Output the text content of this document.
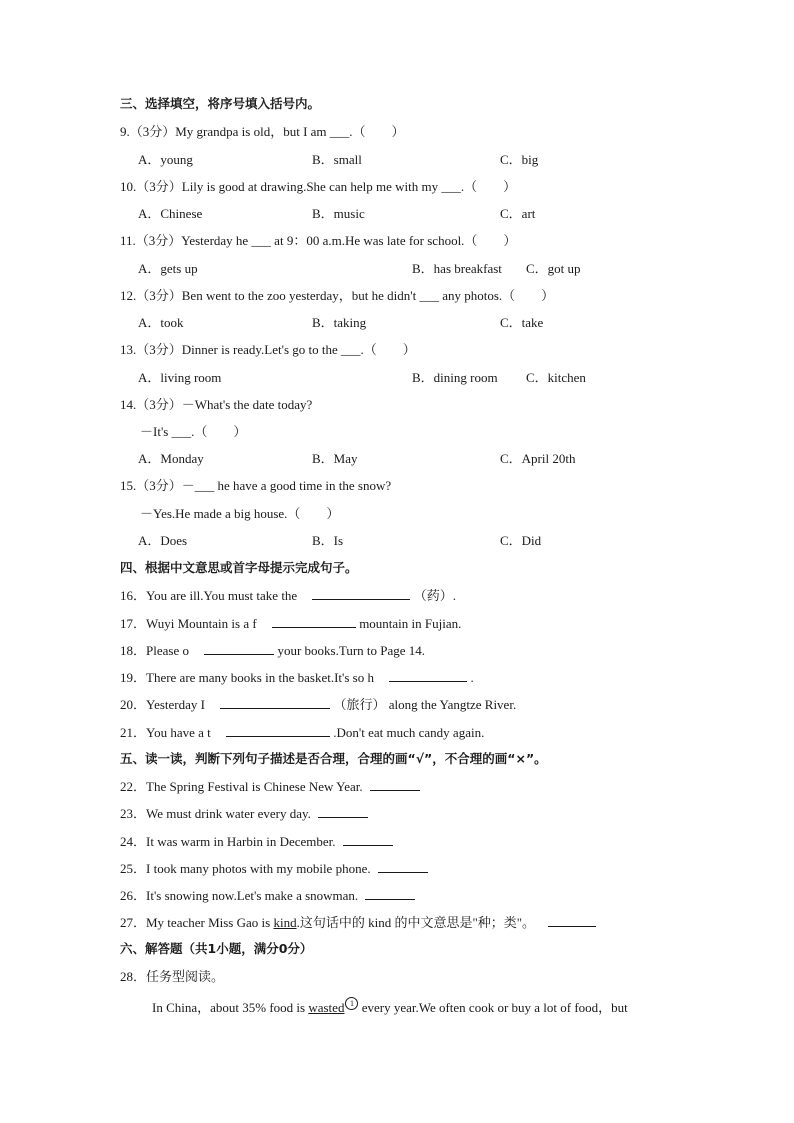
三、选择填空，将序号填入括号内。
9.（3分）My grandpa is old，but I am ___.（　　）
A．young	B．small	C．big
10.（3分）Lily is good at drawing.She can help me with my ___.（　　）
A．Chinese	B．music	C．art
11.（3分）Yesterday he ___ at 9：00 a.m.He was late for school.（　　）
A．gets up	B．has breakfast C．got up
12.（3分）Ben went to the zoo yesterday，but he didn't ___ any photos.（　　）
A．took	B．taking	C．take
13.（3分）Dinner is ready.Let's go to the ___.（　　）
A．living room	B．dining room C．kitchen
14.（3分）－What's the date today?
－It's ___.（　　）
A．Monday	B．May	C．April 20th
15.（3分）－___ he have a good time in the snow?
－Yes.He made a big house.（　　）
A．Does	B．Is	C．Did
四、根据中文意思或首字母提示完成句子。
16．You are ill.You must take the	（药）.
17．Wuyi Mountain is a f	mountain in Fujian.
18．Please o	your books.Turn to Page 14.
19．There are many books in the basket.It's so h	.
20．Yesterday I	（旅行） along the Yangtze River.
21．You have a t	.Don't eat much candy again.
五、读一读，判断下列句子描述是否合理，合理的画“√”，不合理的画“×”。
22．The Spring Festival is Chinese New Year.
23．We must drink water every day.
24．It was warm in Harbin in December.
25．I took many photos with my mobile phone.
26．It's snowing now.Let's make a snowman.
27．My teacher Miss Gao is kind.这句话中的 kind 的中文意思是"种；类"。
六、解答题（共1小题，满分0分）
28．任务型阅读。
In China，about 35% food is wasted 1 every year.We often cook or buy a lot of food，but
